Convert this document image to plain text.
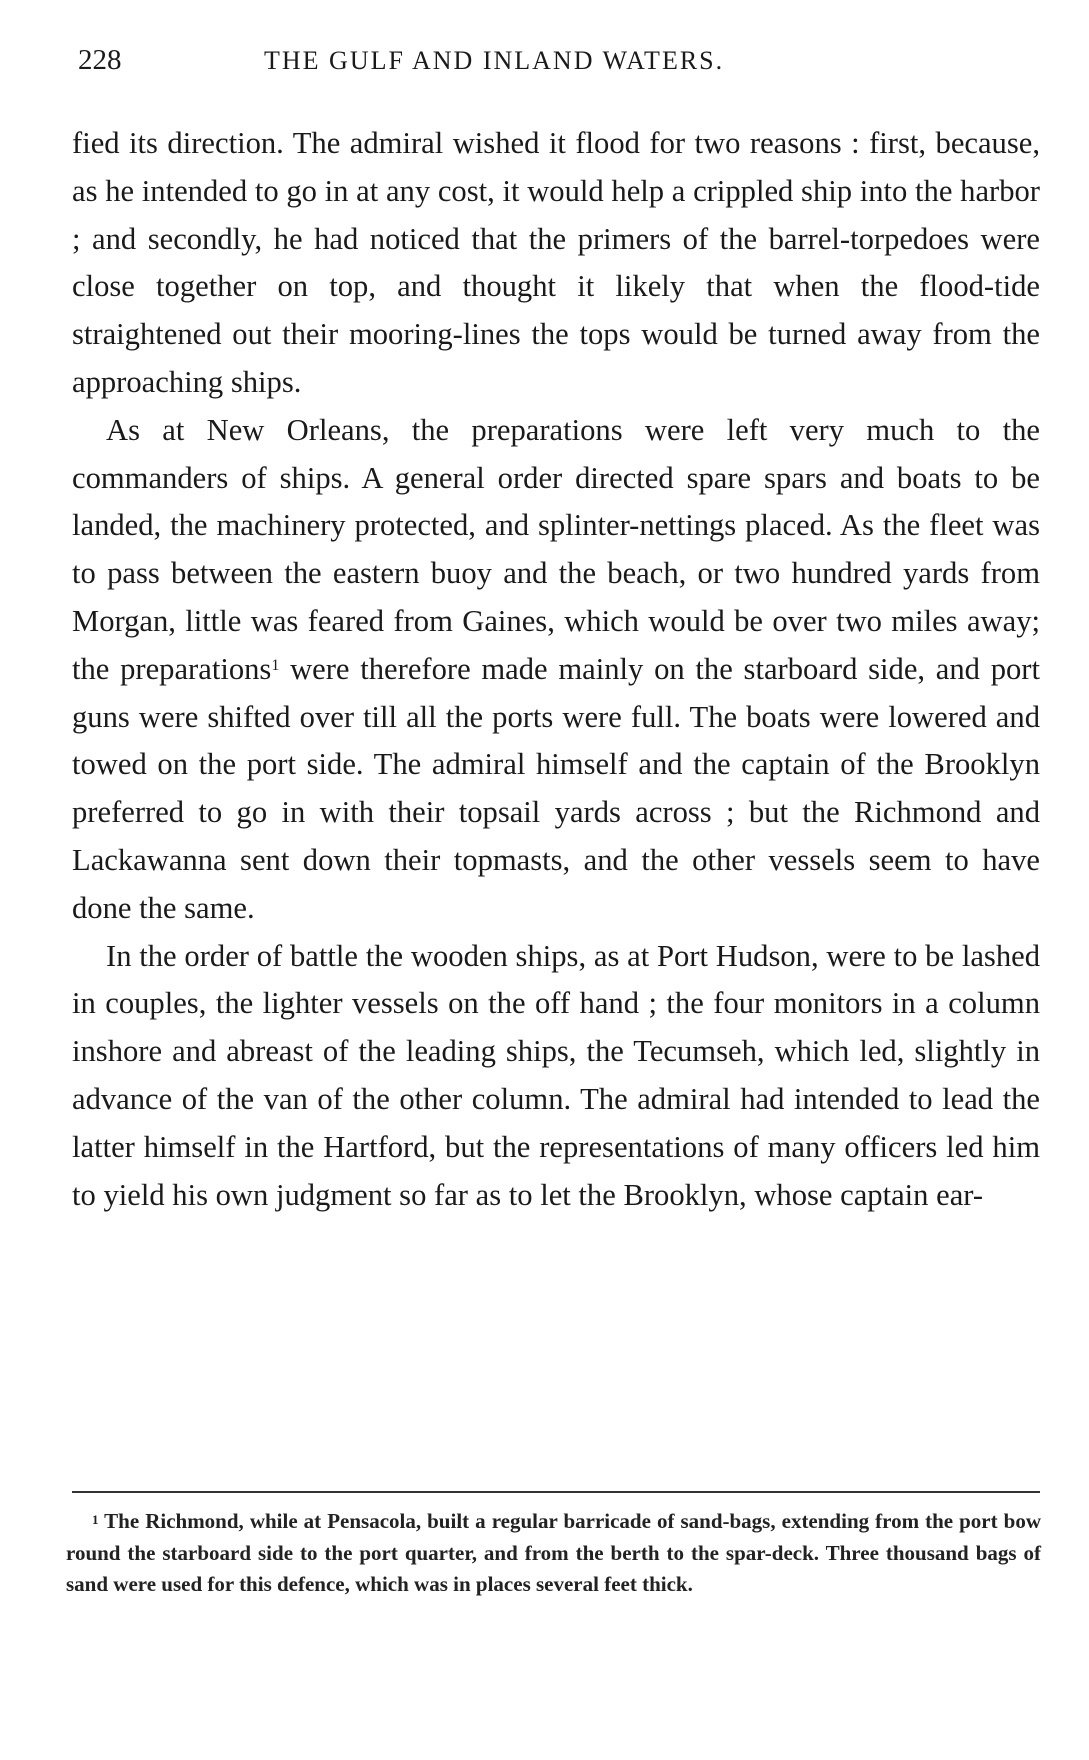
228	THE GULF AND INLAND WATERS.

fied its direction. The admiral wished it flood for two reasons : first, because, as he intended to go in at any cost, it would help a crippled ship into the harbor ; and secondly, he had noticed that the primers of the barrel-torpedoes were close together on top, and thought it likely that when the flood-tide straightened out their mooring-lines the tops would be turned away from the approaching ships.

As at New Orleans, the preparations were left very much to the commanders of ships. A general order directed spare spars and boats to be landed, the machinery protected, and splinter-nettings placed. As the fleet was to pass between the eastern buoy and the beach, or two hundred yards from Morgan, little was feared from Gaines, which would be over two miles away; the preparations$^1$ were therefore made mainly on the starboard side, and port guns were shifted over till all the ports were full. The boats were lowered and towed on the port side. The admiral himself and the captain of the Brooklyn preferred to go in with their topsail yards across ; but the Richmond and Lackawanna sent down their topmasts, and the other vessels seem to have done the same.

In the order of battle the wooden ships, as at Port Hudson, were to be lashed in couples, the lighter vessels on the off hand ; the four monitors in a column inshore and abreast of the leading ships, the Tecumseh, which led, slightly in advance of the van of the other column. The admiral had intended to lead the latter himself in the Hartford, but the representations of many officers led him to yield his own judgment so far as to let the Brooklyn, whose captain ear-

$^1$ The Richmond, while at Pensacola, built a regular barricade of sand-bags, extending from the port bow round the starboard side to the port quarter, and from the berth to the spar-deck. Three thousand bags of sand were used for this defence, which was in places several feet thick.
